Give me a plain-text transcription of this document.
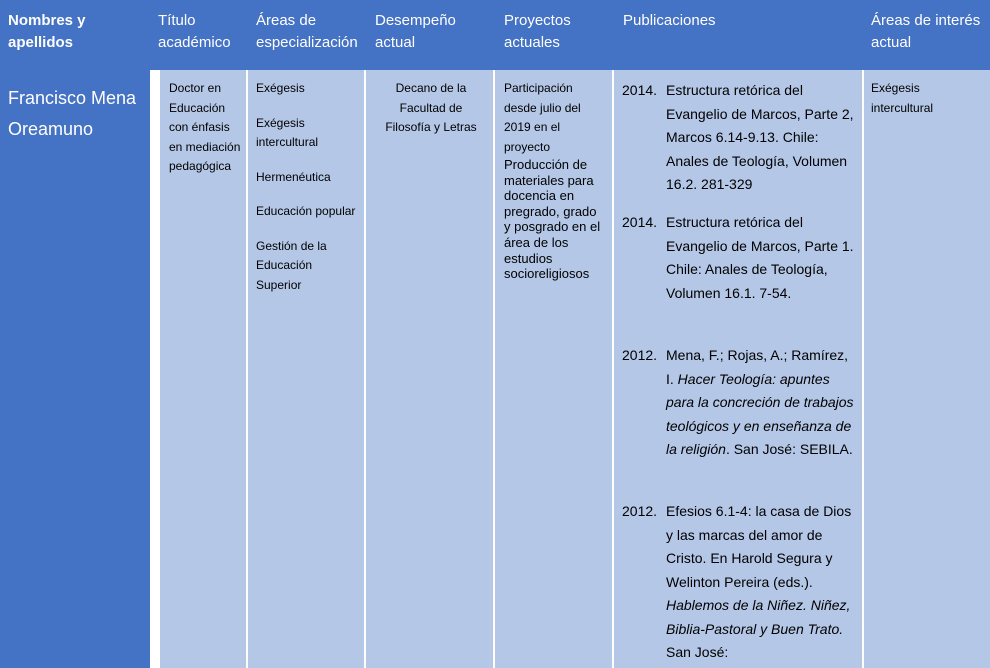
Nombres y apellidos
Título académico
Áreas de especialización
Desempeño actual
Proyectos actuales
Publicaciones	Áreas de interés actual
Francisco Mena Oreamuno
Doctor en Educación con énfasis en mediación pedagógica
Exégesis
Exégesis intercultural
Hermenéutica
Educación popular
Gestión de la Educación Superior
Decano de la Facultad de Filosofía y Letras
Participación desde julio del 2019 en el proyecto
Producción de materiales para docencia en pregrado, grado y posgrado en el área de los estudios socioreligiosos
2014. Estructura retórica del Evangelio de Marcos, Parte 2, Marcos 6.14-9.13. Chile: Anales de Teología, Volumen 16.2. 281-329
2014. Estructura retórica del Evangelio de Marcos, Parte 1. Chile: Anales de Teología, Volumen 16.1. 7-54.
2012. Mena, F.; Rojas, A.; Ramírez, I. Hacer Teología: apuntes para la concreción de trabajos teológicos y en enseñanza de la religión. San José: SEBILA.
2012. Efesios 6.1-4: la casa de Dios y las marcas del amor de Cristo. En Harold Segura y Welinton Pereira (eds.). Hablemos de la Niñez. Niñez, Biblia-Pastoral y Buen Trato. San José:
Exégesis intercultural
